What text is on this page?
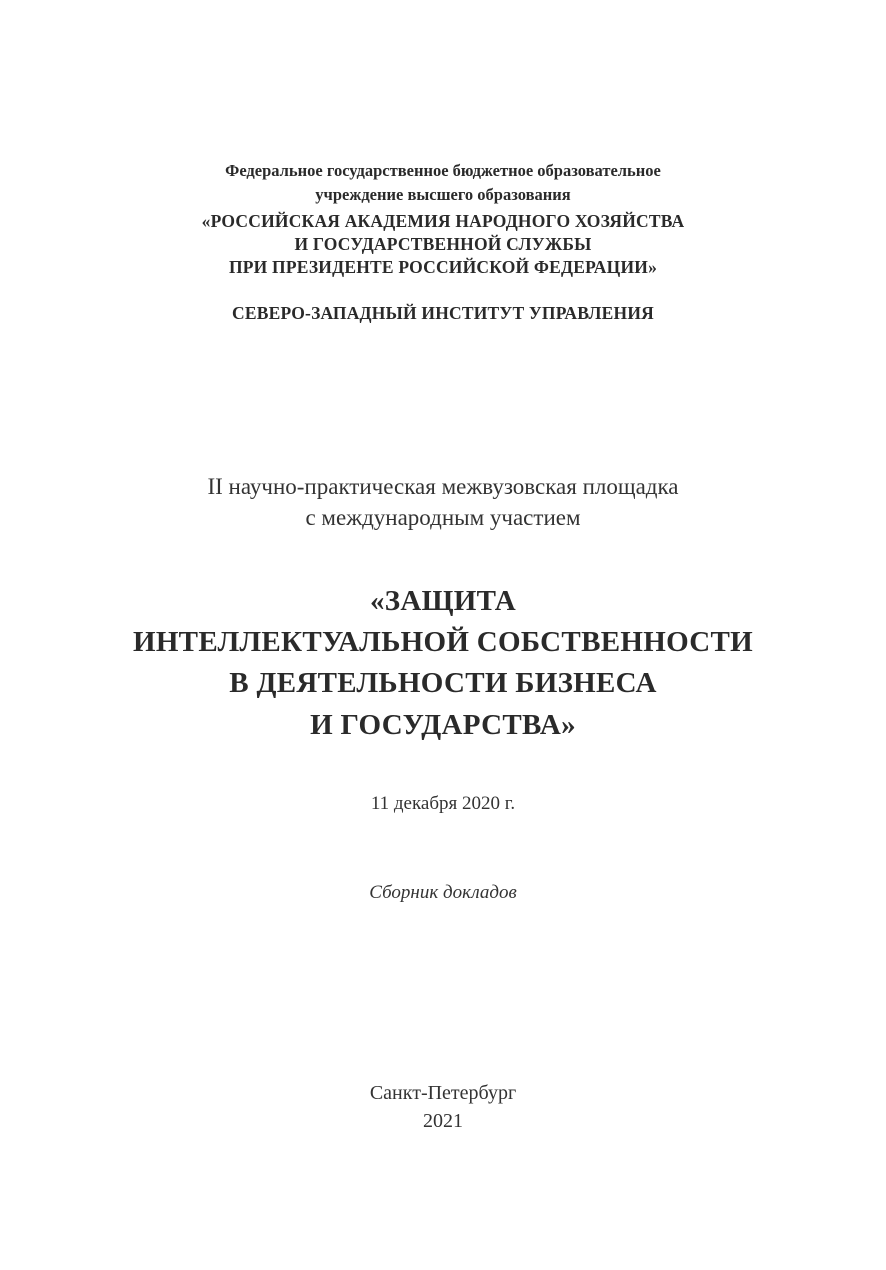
Федеральное государственное бюджетное образовательное
учреждение высшего образования
«РОССИЙСКАЯ АКАДЕМИЯ НАРОДНОГО ХОЗЯЙСТВА
И ГОСУДАРСТВЕННОЙ СЛУЖБЫ
ПРИ ПРЕЗИДЕНТЕ РОССИЙСКОЙ ФЕДЕРАЦИИ»
СЕВЕРО-ЗАПАДНЫЙ ИНСТИТУТ УПРАВЛЕНИЯ
II научно-практическая межвузовская площадка
с международным участием
«ЗАЩИТА
ИНТЕЛЛЕКТУАЛЬНОЙ СОБСТВЕННОСТИ
В ДЕЯТЕЛЬНОСТИ БИЗНЕСА
И ГОСУДАРСТВА»
11 декабря 2020 г.
Сборник докладов
Санкт-Петербург
2021
